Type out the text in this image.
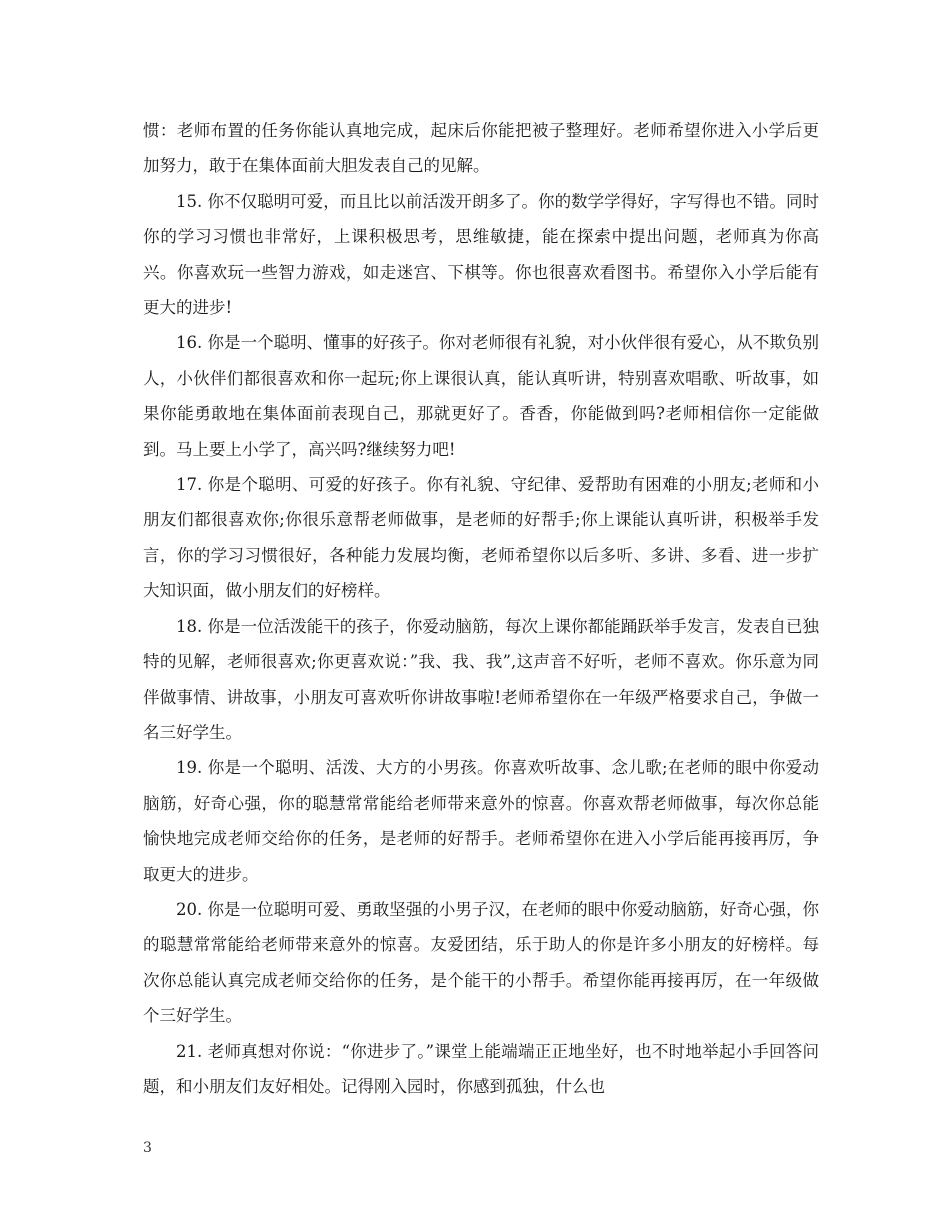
惯：老师布置的任务你能认真地完成，起床后你能把被子整理好。老师希望你进入小学后更加努力，敢于在集体面前大胆发表自己的见解。

15. 你不仅聪明可爱，而且比以前活泼开朗多了。你的数学学得好，字写得也不错。同时你的学习习惯也非常好，上课积极思考，思维敏捷，能在探索中提出问题，老师真为你高兴。你喜欢玩一些智力游戏，如走迷宫、下棋等。你也很喜欢看图书。希望你入小学后能有更大的进步!

16. 你是一个聪明、懂事的好孩子。你对老师很有礼貌，对小伙伴很有爱心，从不欺负别人，小伙伴们都很喜欢和你一起玩;你上课很认真，能认真听讲，特别喜欢唱歌、听故事，如果你能勇敢地在集体面前表现自己，那就更好了。香香，你能做到吗?老师相信你一定能做到。马上要上小学了，高兴吗?继续努力吧!

17. 你是个聪明、可爱的好孩子。你有礼貌、守纪律、爱帮助有困难的小朋友;老师和小朋友们都很喜欢你;你很乐意帮老师做事，是老师的好帮手;你上课能认真听讲，积极举手发言，你的学习习惯很好，各种能力发展均衡，老师希望你以后多听、多讲、多看、进一步扩大知识面，做小朋友们的好榜样。

18. 你是一位活泼能干的孩子，你爱动脑筋，每次上课你都能踊跃举手发言，发表自已独特的见解，老师很喜欢;你更喜欢说：”我、我、我”,这声音不好听，老师不喜欢。你乐意为同伴做事情、讲故事，小朋友可喜欢听你讲故事啦!老师希望你在一年级严格要求自己，争做一名三好学生。

19. 你是一个聪明、活泼、大方的小男孩。你喜欢听故事、念儿歌;在老师的眼中你爱动脑筋，好奇心强，你的聪慧常常能给老师带来意外的惊喜。你喜欢帮老师做事，每次你总能愉快地完成老师交给你的任务，是老师的好帮手。老师希望你在进入小学后能再接再厉，争取更大的进步。

20. 你是一位聪明可爱、勇敢坚强的小男子汉，在老师的眼中你爱动脑筋，好奇心强，你的聪慧常常能给老师带来意外的惊喜。友爱团结，乐于助人的你是许多小朋友的好榜样。每次你总能认真完成老师交给你的任务，是个能干的小帮手。希望你能再接再厉，在一年级做个三好学生。

21. 老师真想对你说：“你进步了。”课堂上能端端正正地坐好，也不时地举起小手回答问题，和小朋友们友好相处。记得刚入园时，你感到孤独，什么也

3
